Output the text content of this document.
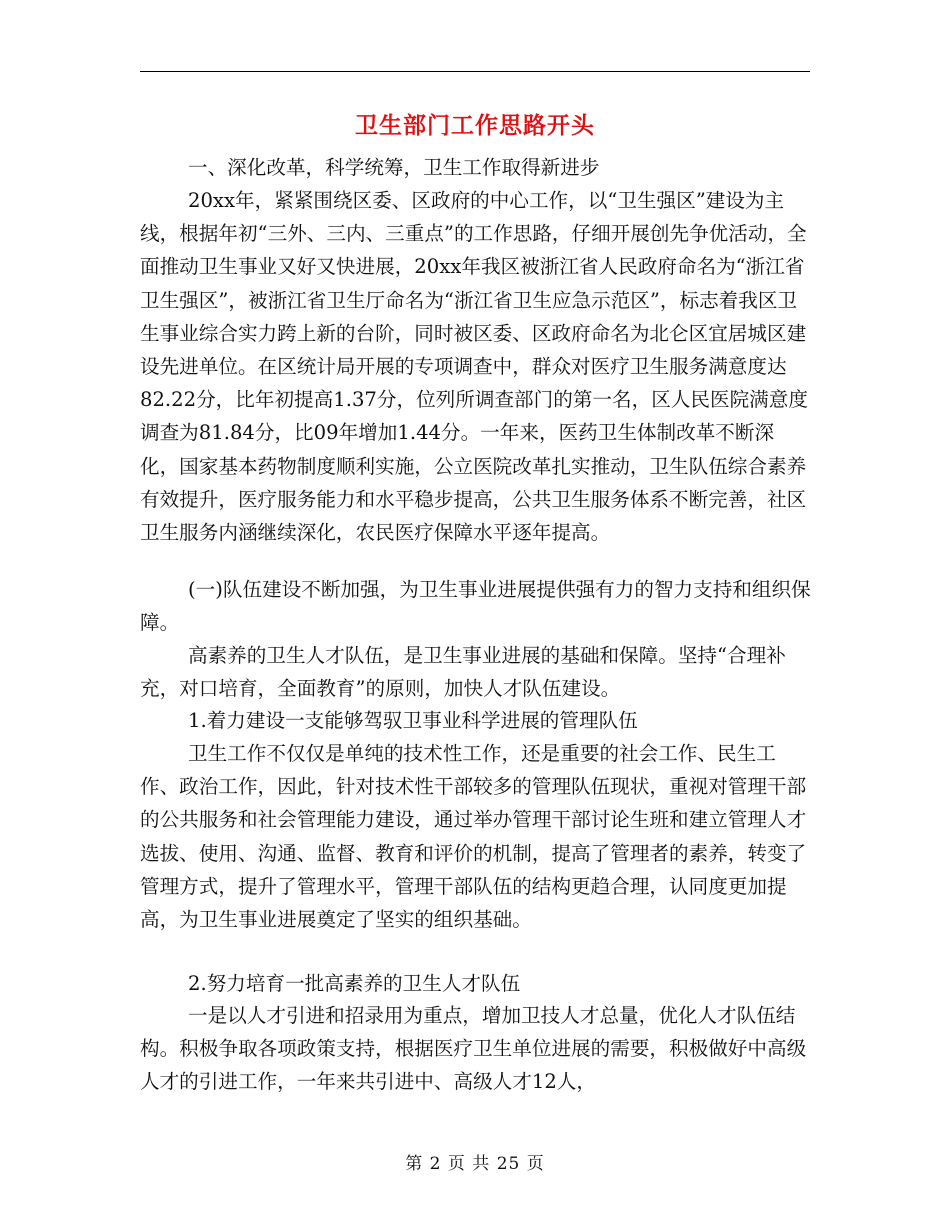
卫生部门工作思路开头

一、深化改革，科学统筹，卫生工作取得新进步

20xx年，紧紧围绕区委、区政府的中心工作，以“卫生强区”建设为主线，根据年初“三外、三内、三重点”的工作思路，仔细开展创先争优活动，全面推动卫生事业又好又快进展，20xx年我区被浙江省人民政府命名为“浙江省卫生强区”，被浙江省卫生厅命名为“浙江省卫生应急示范区”，标志着我区卫生事业综合实力跨上新的台阶，同时被区委、区政府命名为北仑区宜居城区建设先进单位。在区统计局开展的专项调查中，群众对医疗卫生服务满意度达82.22分，比年初提高1.37分，位列所调查部门的第一名，区人民医院满意度调查为81.84分，比09年增加1.44分。一年来，医药卫生体制改革不断深化，国家基本药物制度顺利实施，公立医院改革扎实推动，卫生队伍综合素养有效提升，医疗服务能力和水平稳步提高，公共卫生服务体系不断完善，社区卫生服务内涵继续深化，农民医疗保障水平逐年提高。

(一)队伍建设不断加强，为卫生事业进展提供强有力的智力支持和组织保障。

高素养的卫生人才队伍，是卫生事业进展的基础和保障。坚持“合理补充，对口培育，全面教育”的原则，加快人才队伍建设。

1.着力建设一支能够驾驭卫事业科学进展的管理队伍

卫生工作不仅仅是单纯的技术性工作，还是重要的社会工作、民生工作、政治工作，因此，针对技术性干部较多的管理队伍现状，重视对管理干部的公共服务和社会管理能力建设，通过举办管理干部讨论生班和建立管理人才选拔、使用、沟通、监督、教育和评价的机制，提高了管理者的素养，转变了管理方式，提升了管理水平，管理干部队伍的结构更趋合理，认同度更加提高，为卫生事业进展奠定了坚实的组织基础。

2.努力培育一批高素养的卫生人才队伍

一是以人才引进和招录用为重点，增加卫技人才总量，优化人才队伍结构。积极争取各项政策支持，根据医疗卫生单位进展的需要，积极做好中高级人才的引进工作，一年来共引进中、高级人才12人，

第 2 页 共 25 页
